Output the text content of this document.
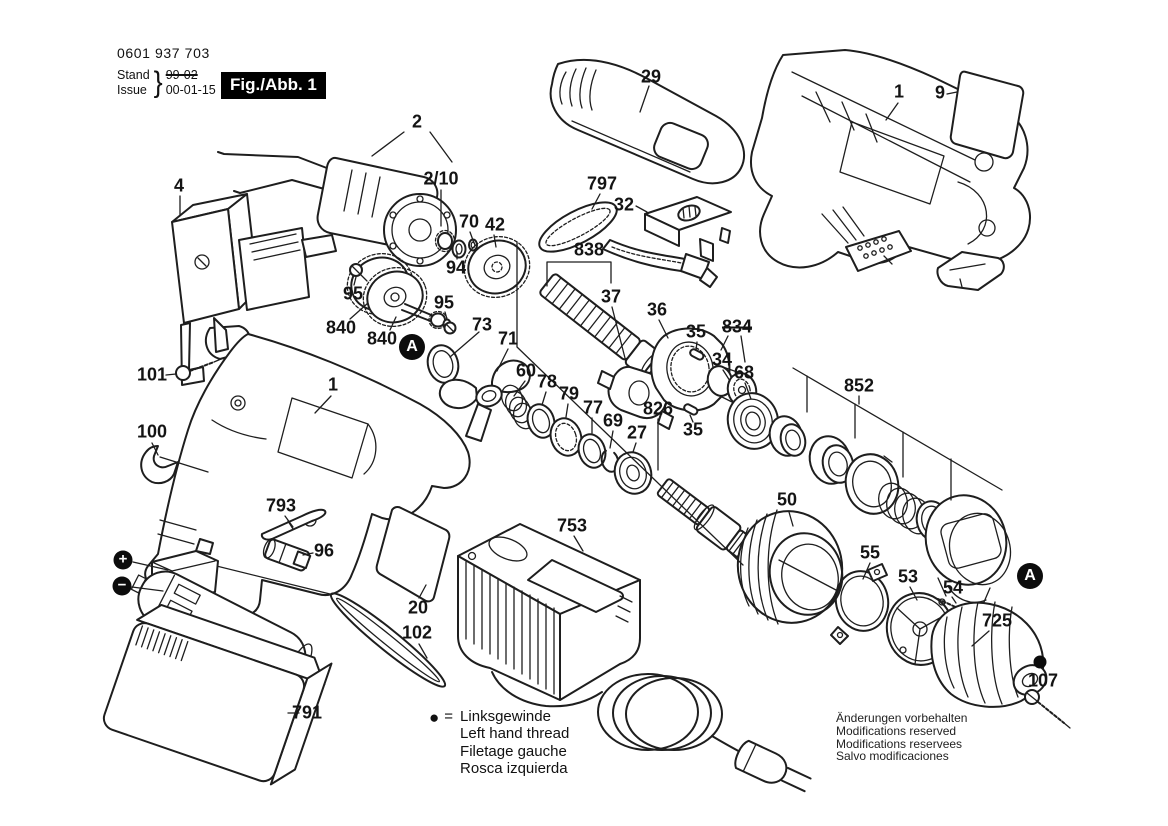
0601 937 703
Stand
Issue } 99-02
00-01-15 Fig./Abb. 1	29
1 9
2
2/10	797
32
4
70 42
94
838
95	95
840
840
37
36
35 834
73
71
34
68
60
78
79
77
852
101	1
69
27
826
35
100
50
793
753
96	55
53
54
20
102
725
107
791
A
A
+
−
● = Linksgewinde
Left hand thread
Filetage gauche
Rosca izquierda
Änderungen vorbehalten
Modifications reserved
Modifications reservees
Salvo modificaciones
